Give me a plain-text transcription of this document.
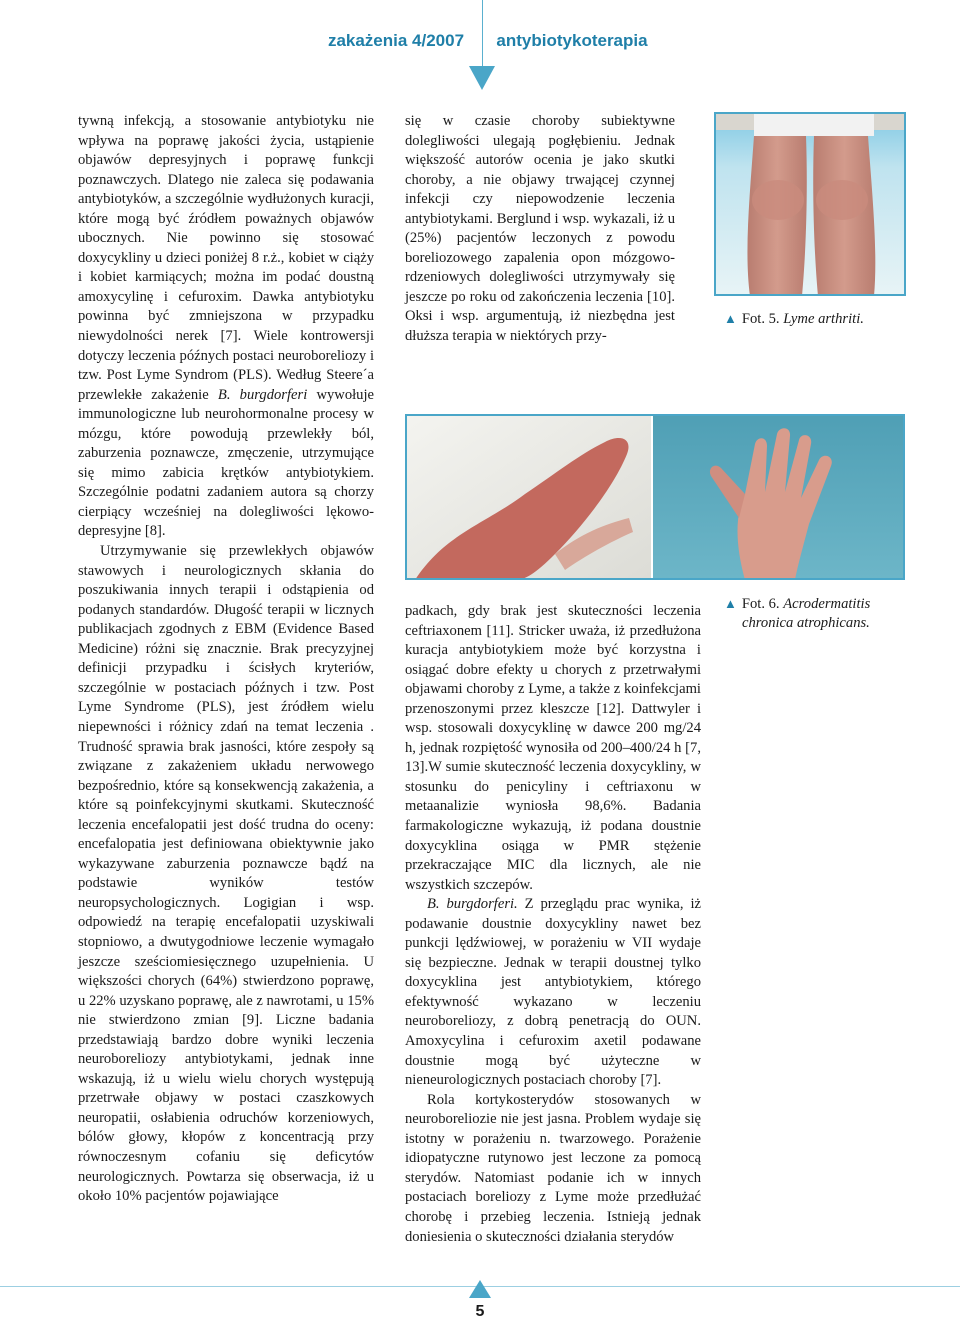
zakażenia 4/2007	antybiotykoterapia

tywną infekcją, a stosowanie antybiotyku nie wpływa na poprawę jakości życia, ustąpienie objawów depresyjnych i poprawę funkcji poznawczych. Dlatego nie zaleca się podawania antybiotyków, a szczególnie wydłużonych kuracji, które mogą być źródłem poważnych objawów ubocznych. Nie powinno się stosować doxycykliny u dzieci poniżej 8 r.ż., kobiet w ciąży i kobiet karmiących; można im podać doustną amoxycylinę i cefuroxim. Dawka antybiotyku powinna być zmniejszona w przypadku niewydolności nerek [7]. Wiele kontrowersji dotyczy leczenia późnych postaci neuroboreliozy i tzw. Post Lyme Syndrom (PLS). Według Steere´a przewlekłe zakażenie B. burgdorferi wywołuje immunologiczne lub neurohormonalne procesy w mózgu, które powodują przewlekły ból, zaburzenia poznawcze, zmęczenie, utrzymujące się mimo zabicia krętków antybiotykiem. Szczególnie podatni zadaniem autora są chorzy cierpiący wcześniej na dolegliwości lękowo-depresyjne [8].

Utrzymywanie się przewlekłych objawów stawowych i neurologicznych skłania do poszukiwania innych terapii i odstąpienia od podanych standardów. Długość terapii w licznych publikacjach zgodnych z EBM (Evidence Based Medicine) różni się znacznie. Brak precyzyjnej definicji przypadku i ścisłych kryteriów, szczególnie w postaciach późnych i tzw. Post Lyme Syndrome (PLS), jest źródłem wielu niepewności i różnicy zdań na temat leczenia . Trudność sprawia brak jasności, które zespoły są związane z zakażeniem układu nerwowego bezpośrednio, które są konsekwencją zakażenia, a które są poinfekcyjnymi skutkami. Skuteczność leczenia encefalopatii jest dość trudna do oceny: encefalopatia jest definiowana obiektywnie jako wykazywane zaburzenia poznawcze bądź na podstawie wyników testów neuropsychologicznych. Logigian i wsp. odpowiedź na terapię encefalopatii uzyskiwali stopniowo, a dwutygodniowe leczenie wymagało jeszcze sześciomiesięcznego uzupełnienia. U większości chorych (64%) stwierdzono poprawę, u 22% uzyskano poprawę, ale z nawrotami, u 15% nie stwierdzono zmian [9]. Liczne badania przedstawiają bardzo dobre wyniki leczenia neuroboreliozy antybiotykami, jednak inne wskazują, iż u wielu wielu chorych występują przetrwałe objawy w postaci czaszkowych neuropatii, osłabienia odruchów korzeniowych, bólów głowy, kłopów z koncentracją przy równoczesnym cofaniu się deficytów neurologicznych. Powtarza się obserwacja, iż u około 10% pacjentów pojawiające

▲ Fot. 5. Lyme arthriti.

się w czasie choroby subiektywne dolegliwości ulegają pogłębieniu. Jednak większość autorów ocenia je jako skutki choroby, a nie objawy trwającej czynnej infekcji czy niepowodzenie leczenia antybiotykami. Berglund i wsp. wykazali, iż u (25%) pacjentów leczonych z powodu boreliozowego zapalenia opon mózgowo-rdzeniowych dolegliwości utrzymywały się jeszcze po roku od zakończenia leczenia [10]. Oksi i wsp. argumentują, iż niezbędna jest dłuższa terapia w niektórych przy-

▲ Fot. 6. Acrodermatitis
chronica atrophicans.

padkach, gdy brak jest skuteczności leczenia ceftriaxonem [11]. Stricker uważa, iż przedłużona kuracja antybiotykiem może być korzystna i osiągać dobre efekty u chorych z przetrwałymi objawami choroby z Lyme, a także z koinfekcjami przenoszonymi przez kleszcze [12]. Dattwyler i wsp. stosowali doxycyklinę w dawce 200 mg/24 h, jednak rozpiętość wynosiła od 200–400/24 h [7, 13].W sumie skuteczność leczenia doxycykliny, w stosunku do penicyliny i ceftriaxonu w metaanalizie wyniosła 98,6%. Badania farmakologiczne wykazują, iż podana doustnie doxycyklina osiąga w PMR stężenie przekraczające MIC dla licznych, ale nie wszystkich szczepów.

B. burgdorferi. Z przeglądu prac wynika, iż podawanie doustnie doxycykliny nawet bez punkcji lędźwiowej, w porażeniu w VII wydaje się bezpieczne. Jednak w terapii doustnej tylko doxycyklina jest antybiotykiem, którego efektywność wykazano w leczeniu neuroboreliozy, z dobrą penetracją do OUN. Amoxycylina i cefuroxim axetil podawane doustnie mogą być użyteczne w nieneurologicznych postaciach choroby [7].

Rola kortykosterydów stosowanych w neuroboreliozie nie jest jasna. Problem wydaje się istotny w porażeniu n. twarzowego. Porażenie idiopatyczne rutynowo jest leczone za pomocą sterydów. Natomiast podanie ich w innych postaciach boreliozy z Lyme może przedłużać chorobę i przebieg leczenia. Istnieją jednak doniesienia o skuteczności działania sterydów

5
